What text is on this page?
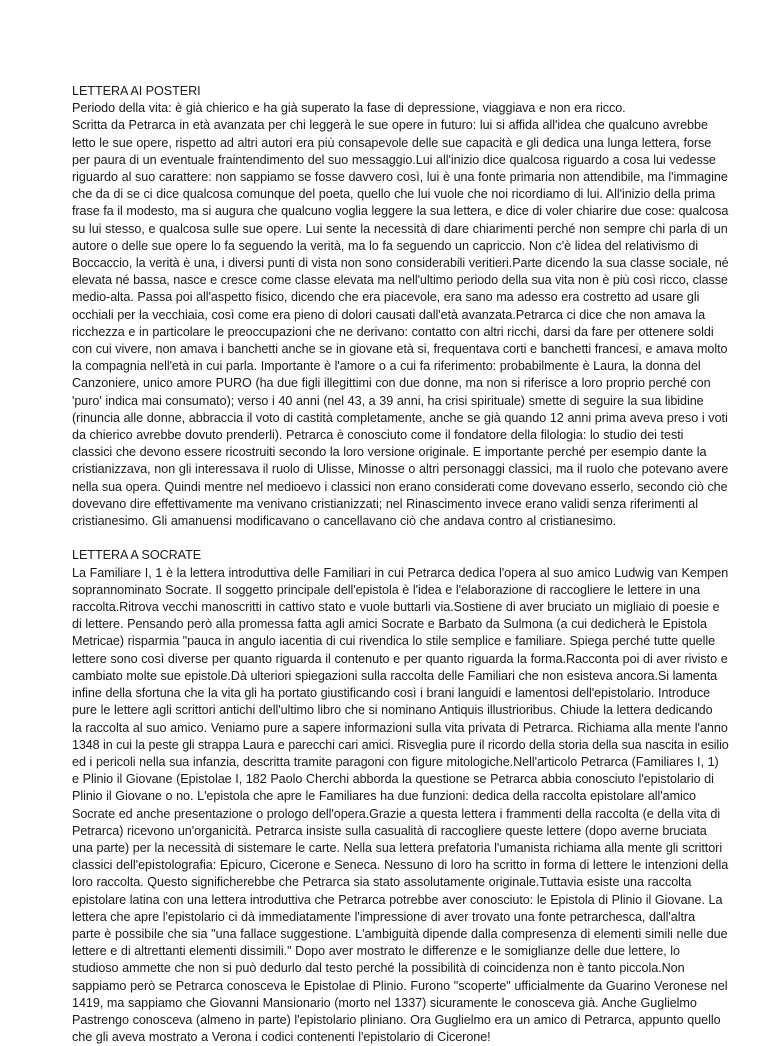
LETTERA AI POSTERI
Periodo della vita: è già chierico e ha già superato la fase di depressione, viaggiava e non era ricco.
Scritta da Petrarca in età avanzata per chi leggerà le sue opere in futuro: lui si affida all'idea che qualcuno avrebbe
letto le sue opere, rispetto ad altri autori era più consapevole delle sue capacità e gli dedica una lunga lettera, forse
per paura di un eventuale fraintendimento del suo messaggio.Lui all'inizio dice qualcosa riguardo a cosa lui vedesse
riguardo al suo carattere: non sappiamo se fosse davvero così, lui è una fonte primaria non attendibile, ma l'immagine
che da di se ci dice qualcosa comunque del poeta, quello che lui vuole che noi ricordiamo di lui. All'inizio della prima
frase fa il modesto, ma si augura che qualcuno voglia leggere la sua lettera, e dice di voler chiarire due cose: qualcosa
su lui stesso, e qualcosa sulle sue opere. Lui sente la necessità di dare chiarimenti perché non sempre chi parla di un
autore o delle sue opere lo fa seguendo la verità, ma lo fa seguendo un capriccio. Non c'è lidea del relativismo di
Boccaccio, la verità è una, i diversi punti di vista non sono considerabili veritieri.Parte dicendo la sua classe sociale, né
elevata né bassa, nasce e cresce come classe elevata ma nell'ultimo periodo della sua vita non è più così ricco, classe
medio-alta. Passa poi all'aspetto fisico, dicendo che era piacevole, era sano ma adesso era costretto ad usare gli
occhiali per la vecchiaia, così come era pieno di dolori causati dall'età avanzata.Petrarca ci dice che non amava la
ricchezza e in particolare le preoccupazioni che ne derivano: contatto con altri ricchi, darsi da fare per ottenere soldi
con cui vivere, non amava i banchetti anche se in giovane età si, frequentava corti e banchetti francesi, e amava molto
la compagnia nell'età in cui parla. Importante è l'amore o a cui fa riferimento: probabilmente è Laura, la donna del
Canzoniere, unico amore PURO (ha due figli illegittimi con due donne, ma non si riferisce a loro proprio perché con
'puro' indica mai consumato); verso i 40 anni (nel 43, a 39 anni, ha crisi spirituale) smette di seguire la sua libidine
(rinuncia alle donne, abbraccia il voto di castità completamente, anche se già quando 12 anni prima aveva preso i voti
da chierico avrebbe dovuto prenderli). Petrarca è conosciuto come il fondatore della filologia: lo studio dei testi
classici che devono essere ricostruiti secondo la loro versione originale. E importante perché per esempio dante la
cristianizzava, non gli interessava il ruolo di Ulisse, Minosse o altri personaggi classici, ma il ruolo che potevano avere
nella sua opera. Quindi mentre nel medioevo i classici non erano considerati come dovevano esserlo, secondo ciò che
dovevano dire effettivamente ma venivano cristianizzati; nel Rinascimento invece erano validi senza riferimenti al
cristianesimo. Gli amanuensi modificavano o cancellavano ciò che andava contro al cristianesimo.
LETTERA A SOCRATE
La Familiare I, 1 è la lettera introduttiva delle Familiari in cui Petrarca dedica l'opera al suo amico Ludwig van Kempen
soprannominato Socrate. Il soggetto principale dell'epistola è l'idea e l'elaborazione di raccogliere le lettere in una
raccolta.Ritrova vecchi manoscritti in cattivo stato e vuole buttarli via.Sostiene di aver bruciato un migliaio di poesie e
di lettere. Pensando però alla promessa fatta agli amici Socrate e Barbato da Sulmona (a cui dedicherà le Epistola
Metricae) risparmia "pauca in angulo iacentia di cui rivendica lo stile semplice e familiare. Spiega perché tutte quelle
lettere sono così diverse per quanto riguarda il contenuto e per quanto riguarda la forma.Racconta poi di aver rivisto e
cambiato molte sue epistole.Dà ulteriori spiegazioni sulla raccolta delle Familiari che non esisteva ancora.Si lamenta
infine della sfortuna che la vita gli ha portato giustificando così i brani languidi e lamentosi dell'epistolario. Introduce
pure le lettere agli scrittori antichi dell'ultimo libro che si nominano Antiquis illustrioribus. Chiude la lettera dedicando
la raccolta al suo amico. Veniamo pure a sapere informazioni sulla vita privata di Petrarca. Richiama alla mente l'anno
1348 in cui la peste gli strappa Laura e parecchi cari amici. Risveglia pure il ricordo della storia della sua nascita in esilio
ed i pericoli nella sua infanzia, descritta tramite paragoni con figure mitologiche.Nell'articolo Petrarca (Familiares I, 1)
e Plinio il Giovane (Epistolae I, 182 Paolo Cherchi abborda la questione se Petrarca abbia conosciuto l'epistolario di
Plinio il Giovane o no. L'epistola che apre le Familiares ha due funzioni: dedica della raccolta epistolare all'amico
Socrate ed anche presentazione o prologo dell'opera.Grazie a questa lettera i frammenti della raccolta (e della vita di
Petrarca) ricevono un'organicità. Petrarca insiste sulla casualità di raccogliere queste lettere (dopo averne bruciata
una parte) per la necessità di sistemare le carte. Nella sua lettera prefatoria l'umanista richiama alla mente gli scrittori
classici dell'epistolografia: Epicuro, Cicerone e Seneca. Nessuno di loro ha scritto in forma di lettere le intenzioni della
loro raccolta. Questo significherebbe che Petrarca sia stato assolutamente originale.Tuttavia esiste una raccolta
epistolare latina con una lettera introduttiva che Petrarca potrebbe aver conosciuto: le Epistola di Plinio il Giovane. La
lettera che apre l'epistolario ci dà immediatamente l'impressione di aver trovato una fonte petrarchesca, dall'altra
parte è possibile che sia "una fallace suggestione. L'ambiguità dipende dalla compresenza di elementi simili nelle due
lettere e di altrettanti elementi dissimili." Dopo aver mostrato le differenze e le somiglianze delle due lettere, lo
studioso ammette che non si può dedurlo dal testo perché la possibilità di coincidenza non è tanto piccola.Non
sappiamo però se Petrarca conosceva le Epistolae di Plinio. Furono "scoperte" ufficialmente da Guarino Veronese nel
1419, ma sappiamo che Giovanni Mansionario (morto nel 1337) sicuramente le conosceva già. Anche Guglielmo
Pastrengo conosceva (almeno in parte) l'epistolario pliniano. Ora Guglielmo era un amico di Petrarca, appunto quello
che gli aveva mostrato a Verona i codici contenenti l'epistolario di Cicerone!
